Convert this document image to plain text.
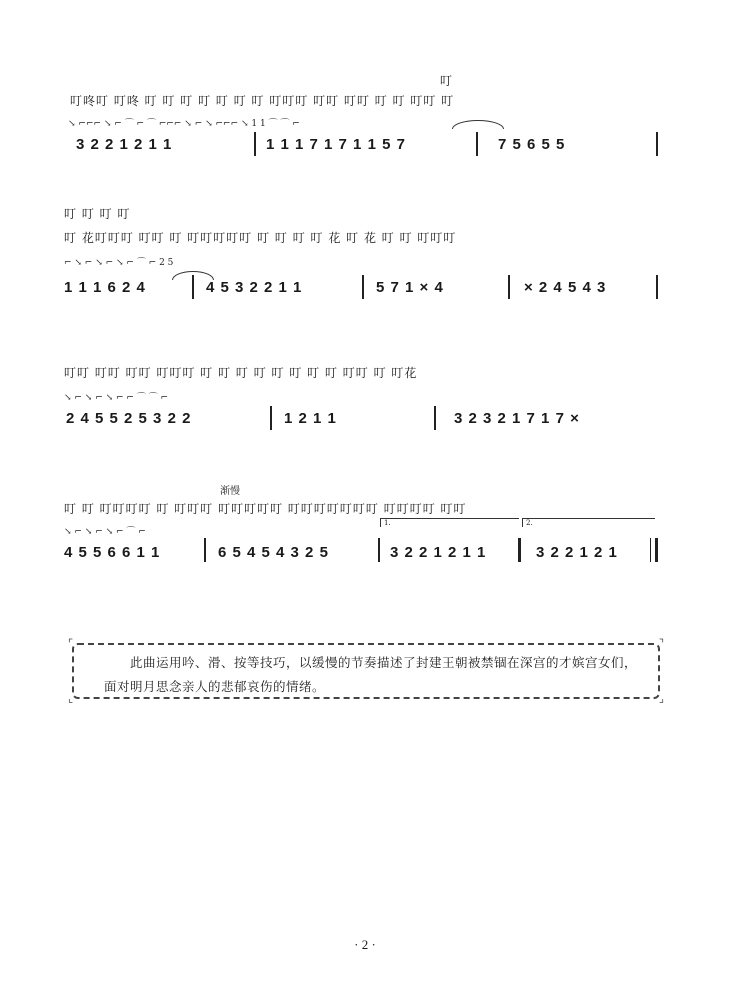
叮咚叮 叮咚 叮 叮 叮 叮 叮 叮 叮 叮叮叮 叮叮 叮叮 叮 叮 叮叮 叮
叮
↘ ⌐⌐⌐ ↘ ⌐ ⌒ ⌐ ⌒ ⌐⌐⌐ ↘ ⌐ ↘ ⌐⌐⌐ ↘ 1 1 ⌒ ⌒ ⌐
3 2 2 1 2 1 1	1 1 1 7 1 7 1 1 5 7	7 5 6 5 5
叮 叮 叮 叮
叮 花叮叮叮 叮叮 叮 叮叮叮叮叮 叮 叮 叮 叮 花 叮 花 叮 叮 叮叮叮
⌐ ↘ ⌐ ↘ ⌐ ↘ ⌐ ⌒ ⌐ 2 5
1 1 1 6 2 4	4 5 3 2 2 1 1	5 7 1 × 4	× 2 4 5 4 3
叮叮 叮叮 叮叮 叮叮叮 叮 叮 叮 叮 叮 叮 叮 叮 叮叮 叮 叮花
↘ ⌐ ↘ ⌐ ↘ ⌐ ⌐ ⌒ ⌒ ⌐
2 4 5 5 2 5 3 2 2	1 2 1 1	3 2 3 2 1 7 1 7 ×
渐慢
叮 叮 叮叮叮叮 叮 叮叮叮 叮叮叮叮叮 叮叮叮叮叮叮叮 叮叮叮叮 叮叮
1.	2.
↘ ⌐ ↘ ⌐ ↘ ⌐ ⌒ ⌐
4 5 5 6 6 1 1	6 5 4 5 4 3 2 5	3 2 2 1 2 1 1	3 2 2 1 2 1
⌜	⌝
⌞	⌟
此曲运用吟、滑、按等技巧，以缓慢的节奏描述了封建王朝被禁锢在深宫的才嫔宫女们，面对明月思念亲人的悲郁哀伤的情绪。
· 2 ·
